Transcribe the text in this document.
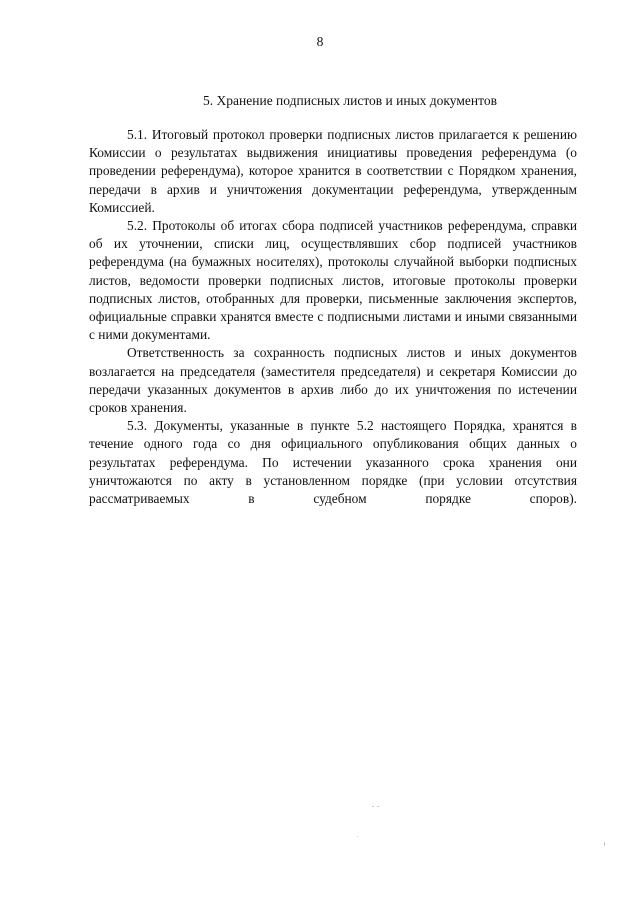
8
5. Хранение подписных листов и иных документов

5.1. Итоговый протокол проверки подписных листов прилагается к решению Комиссии о результатах выдвижения инициативы проведения референдума (о проведении референдума), которое хранится в соответствии с Порядком хранения, передачи в архив и уничтожения документации референдума, утвержденным Комиссией.

5.2. Протоколы об итогах сбора подписей участников референдума, справки об их уточнении, списки лиц, осуществлявших сбор подписей участников референдума (на бумажных носителях), протоколы случайной выборки подписных листов, ведомости проверки подписных листов, итоговые протоколы проверки подписных листов, отобранных для проверки, письменные заключения экспертов, официальные справки хранятся вместе с подписными листами и иными связанными с ними документами.

Ответственность за сохранность подписных листов и иных документов возлагается на председателя (заместителя председателя) и секретаря Комиссии до передачи указанных документов в архив либо до их уничтожения по истечении сроков хранения.

5.3. Документы, указанные в пункте 5.2 настоящего Порядка, хранятся в течение одного года со дня официального опубликования общих данных о результатах референдума. По истечении указанного срока хранения они уничтожаются по акту в установленном порядке (при условии отсутствия рассматриваемых в судебном порядке споров).
